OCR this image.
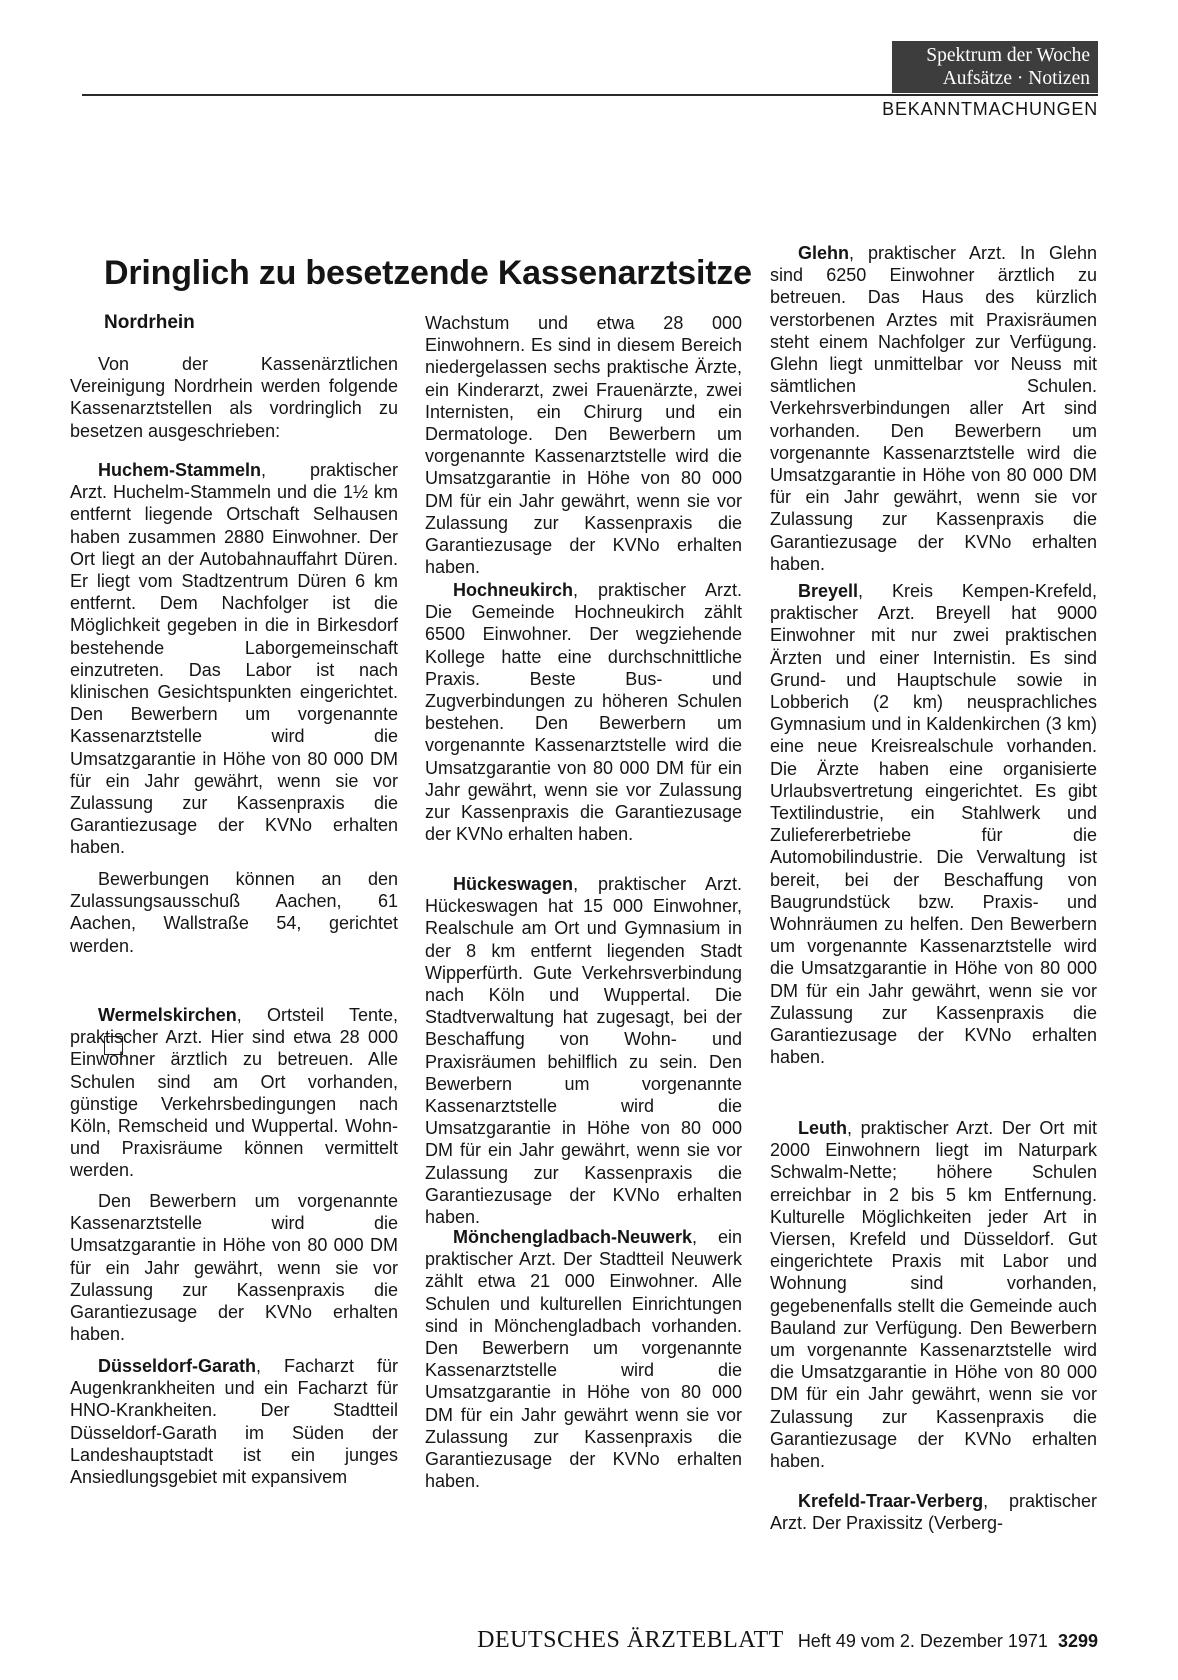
Spektrum der Woche
Aufsätze · Notizen
BEKANNTMACHUNGEN
Dringlich zu besetzende Kassenarztsitze

Nordrhein

Von der Kassenärztlichen Vereinigung Nordrhein werden folgende Kassenarztstellen als vordringlich zu besetzen ausgeschrieben:

Huchem-Stammeln, praktischer Arzt. Huchelm-Stammeln und die 1½ km entfernt liegende Ortschaft Selhausen haben zusammen 2880 Einwohner. Der Ort liegt an der Autobahnauffahrt Düren. Er liegt vom Stadtzentrum Düren 6 km entfernt. Dem Nachfolger ist die Möglichkeit gegeben in die in Birkesdorf bestehende Laborgemeinschaft einzutreten. Das Labor ist nach klinischen Gesichtspunkten eingerichtet. Den Bewerbern um vorgenannte Kassenarztstelle wird die Umsatzgarantie in Höhe von 80 000 DM für ein Jahr gewährt, wenn sie vor Zulassung zur Kassenpraxis die Garantiezusage der KVNo erhalten haben.

Bewerbungen können an den Zulassungsausschuß Aachen, 61 Aachen, Wallstraße 54, gerichtet werden.

Wermelskirchen, Ortsteil Tente, praktischer Arzt. Hier sind etwa 28 000 Einwohner ärztlich zu betreuen. Alle Schulen sind am Ort vorhanden, günstige Verkehrsbedingungen nach Köln, Remscheid und Wuppertal. Wohn- und Praxisräume können vermittelt werden.

Den Bewerbern um vorgenannte Kassenarztstelle wird die Umsatzgarantie in Höhe von 80 000 DM für ein Jahr gewährt, wenn sie vor Zulassung zur Kassenpraxis die Garantiezusage der KVNo erhalten haben.

Düsseldorf-Garath, Facharzt für Augenkrankheiten und ein Facharzt für HNO-Krankheiten. Der Stadtteil Düsseldorf-Garath im Süden der Landeshauptstadt ist ein junges Ansiedlungsgebiet mit expansivem

Wachstum und etwa 28 000 Einwohnern. Es sind in diesem Bereich niedergelassen sechs praktische Ärzte, ein Kinderarzt, zwei Frauenärzte, zwei Internisten, ein Chirurg und ein Dermatologe. Den Bewerbern um vorgenannte Kassenarztstelle wird die Umsatzgarantie in Höhe von 80 000 DM für ein Jahr gewährt, wenn sie vor Zulassung zur Kassenpraxis die Garantiezusage der KVNo erhalten haben.

Hochneukirch, praktischer Arzt. Die Gemeinde Hochneukirch zählt 6500 Einwohner. Der wegziehende Kollege hatte eine durchschnittliche Praxis. Beste Bus- und Zugverbindungen zu höheren Schulen bestehen. Den Bewerbern um vorgenannte Kassenarztstelle wird die Umsatzgarantie von 80 000 DM für ein Jahr gewährt, wenn sie vor Zulassung zur Kassenpraxis die Garantiezusage der KVNo erhalten haben.

Hückeswagen, praktischer Arzt. Hückeswagen hat 15 000 Einwohner, Realschule am Ort und Gymnasium in der 8 km entfernt liegenden Stadt Wipperfürth. Gute Verkehrsverbindung nach Köln und Wuppertal. Die Stadtverwaltung hat zugesagt, bei der Beschaffung von Wohn- und Praxisräumen behilflich zu sein. Den Bewerbern um vorgenannte Kassenarztstelle wird die Umsatzgarantie in Höhe von 80 000 DM für ein Jahr gewährt, wenn sie vor Zulassung zur Kassenpraxis die Garantiezusage der KVNo erhalten haben.

Mönchengladbach-Neuwerk, ein praktischer Arzt. Der Stadtteil Neuwerk zählt etwa 21 000 Einwohner. Alle Schulen und kulturellen Einrichtungen sind in Mönchengladbach vorhanden. Den Bewerbern um vorgenannte Kassenarztstelle wird die Umsatzgarantie in Höhe von 80 000 DM für ein Jahr gewährt wenn sie vor Zulassung zur Kassenpraxis die Garantiezusage der KVNo erhalten haben.

Glehn, praktischer Arzt. In Glehn sind 6250 Einwohner ärztlich zu betreuen. Das Haus des kürzlich verstorbenen Arztes mit Praxisräumen steht einem Nachfolger zur Verfügung. Glehn liegt unmittelbar vor Neuss mit sämtlichen Schulen. Verkehrsverbindungen aller Art sind vorhanden. Den Bewerbern um vorgenannte Kassenarztstelle wird die Umsatzgarantie in Höhe von 80 000 DM für ein Jahr gewährt, wenn sie vor Zulassung zur Kassenpraxis die Garantiezusage der KVNo erhalten haben.

Breyell, Kreis Kempen-Krefeld, praktischer Arzt. Breyell hat 9000 Einwohner mit nur zwei praktischen Ärzten und einer Internistin. Es sind Grund- und Hauptschule sowie in Lobberich (2 km) neusprachliches Gymnasium und in Kaldenkirchen (3 km) eine neue Kreisrealschule vorhanden. Die Ärzte haben eine organisierte Urlaubsvertretung eingerichtet. Es gibt Textilindustrie, ein Stahlwerk und Zuliefererbetriebe für die Automobilindustrie. Die Verwaltung ist bereit, bei der Beschaffung von Baugrundstück bzw. Praxis- und Wohnräumen zu helfen. Den Bewerbern um vorgenannte Kassenarztstelle wird die Umsatzgarantie in Höhe von 80 000 DM für ein Jahr gewährt, wenn sie vor Zulassung zur Kassenpraxis die Garantiezusage der KVNo erhalten haben.

Leuth, praktischer Arzt. Der Ort mit 2000 Einwohnern liegt im Naturpark Schwalm-Nette; höhere Schulen erreichbar in 2 bis 5 km Entfernung. Kulturelle Möglichkeiten jeder Art in Viersen, Krefeld und Düsseldorf. Gut eingerichtete Praxis mit Labor und Wohnung sind vorhanden, gegebenenfalls stellt die Gemeinde auch Bauland zur Verfügung. Den Bewerbern um vorgenannte Kassenarztstelle wird die Umsatzgarantie in Höhe von 80 000 DM für ein Jahr gewährt, wenn sie vor Zulassung zur Kassenpraxis die Garantiezusage der KVNo erhalten haben.

Krefeld-Traar-Verberg, praktischer Arzt. Der Praxissitz (Verberg-

DEUTSCHES ÄRZTEBLATT Heft 49 vom 2. Dezember 1971 3299
